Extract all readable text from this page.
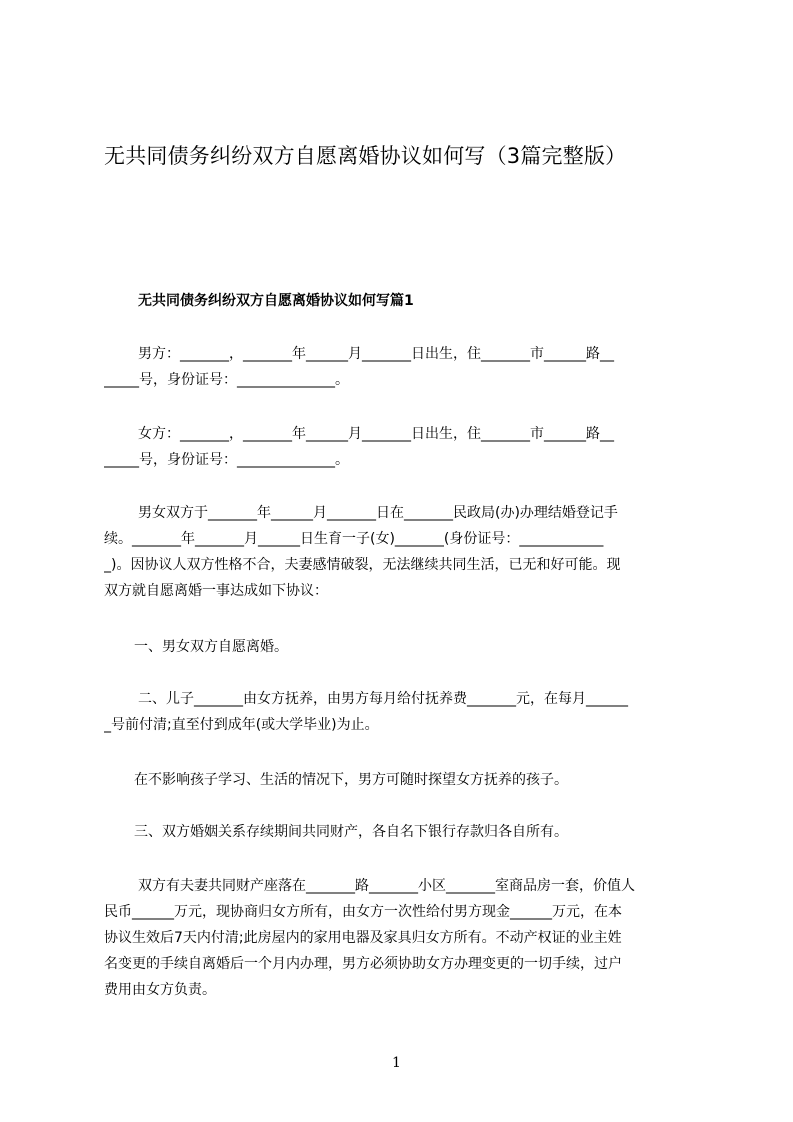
无共同债务纠纷双方自愿离婚协议如何写（3篇完整版）
无共同债务纠纷双方自愿离婚协议如何写篇1
男方：_______，_______年______月_______日出生，住_______市______路__
_____号，身份证号：______________。
女方：_______，_______年______月_______日出生，住_______市______路__
_____号，身份证号：______________。
男女双方于_______年______月_______日在_______民政局(办)办理结婚登记手
续。_______年_______月______日生育一子(女)_______(身份证号：____________
_)。因协议人双方性格不合，夫妻感情破裂，无法继续共同生活，已无和好可能。现
双方就自愿离婚一事达成如下协议：
一、男女双方自愿离婚。
二、儿子_______由女方抚养，由男方每月给付抚养费_______元，在每月______
_号前付清;直至付到成年(或大学毕业)为止。
在不影响孩子学习、生活的情况下，男方可随时探望女方抚养的孩子。
三、双方婚姻关系存续期间共同财产，各自名下银行存款归各自所有。
双方有夫妻共同财产座落在_______路_______小区_______室商品房一套，价值人
民币______万元，现协商归女方所有，由女方一次性给付男方现金______万元，在本
协议生效后7天内付清;此房屋内的家用电器及家具归女方所有。不动产权证的业主姓
名变更的手续自离婚后一个月内办理，男方必须协助女方办理变更的一切手续，过户
费用由女方负责。
1
